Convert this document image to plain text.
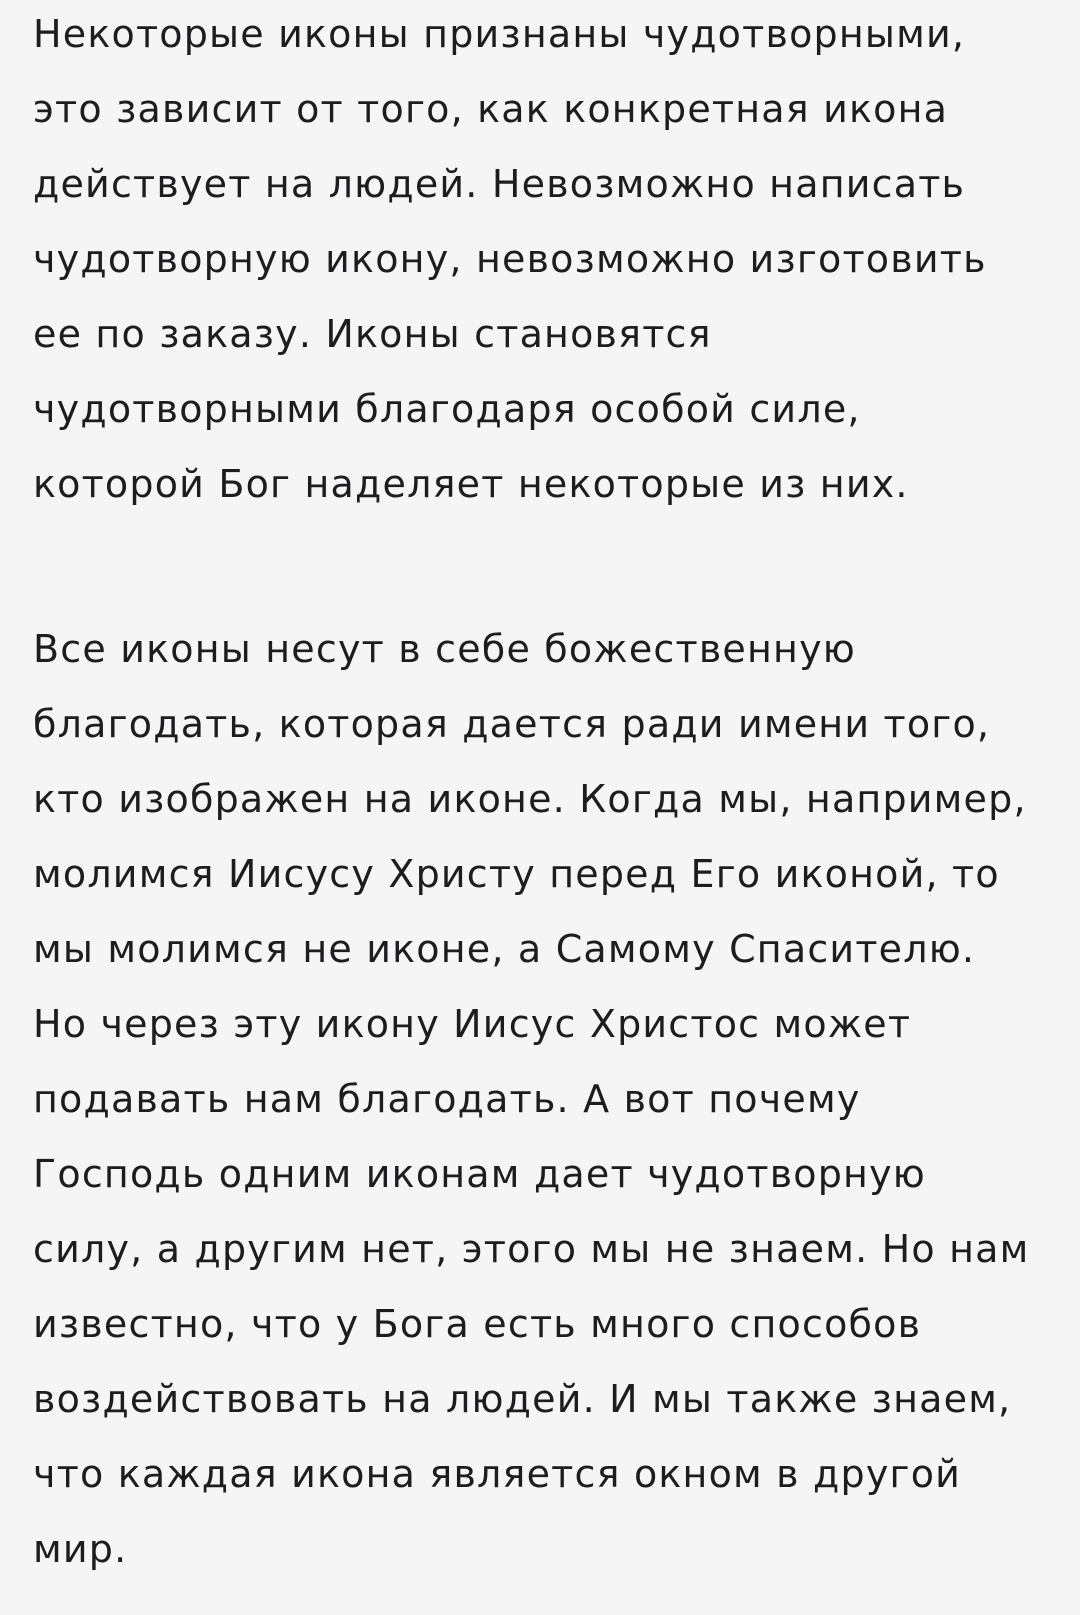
Некоторые иконы признаны чудотворными,
это зависит от того, как конкретная икона
действует на людей. Невозможно написать
чудотворную икону, невозможно изготовить
ее по заказу. Иконы становятся
чудотворными благодаря особой силе,
которой Бог наделяет некоторые из них.
Все иконы несут в себе божественную
благодать, которая дается ради имени того,
кто изображен на иконе. Когда мы, например,
молимся Иисусу Христу перед Его иконой, то
мы молимся не иконе, а Самому Спасителю.
Но через эту икону Иисус Христос может
подавать нам благодать. А вот почему
Господь одним иконам дает чудотворную
силу, а другим нет, этого мы не знаем. Но нам
известно, что у Бога есть много способов
воздействовать на людей. И мы также знаем,
что каждая икона является окном в другой
мир.
